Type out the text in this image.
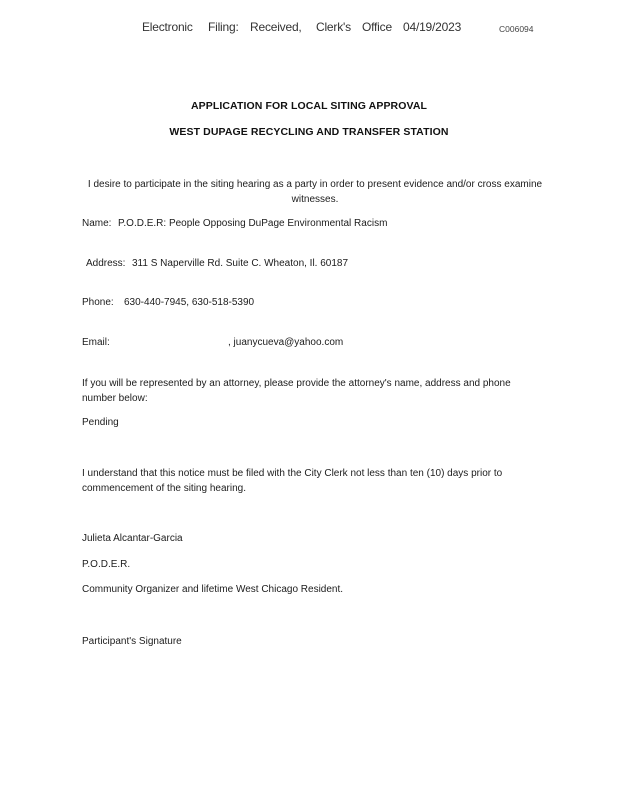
Electronic Filing: Received, Clerk's Office 04/19/2023	C006094
APPLICATION FOR LOCAL SITING APPROVAL
WEST DUPAGE RECYCLING AND TRANSFER STATION
I desire to participate in the siting hearing as a party in order to present evidence and/or cross examine witnesses.
Name: P.O.D.E.R: People Opposing DuPage Environmental Racism
Address: 311 S Naperville Rd. Suite C. Wheaton, Il. 60187
Phone: 630-440-7945, 630-518-5390
Email:	, juanycueva@yahoo.com
If you will be represented by an attorney, please provide the attorney's name, address and phone number below:
Pending
I understand that this notice must be filed with the City Clerk not less than ten (10) days prior to commencement of the siting hearing.
Julieta Alcantar-Garcia
P.O.D.E.R.
Community Organizer and lifetime West Chicago Resident.
Participant's Signature
